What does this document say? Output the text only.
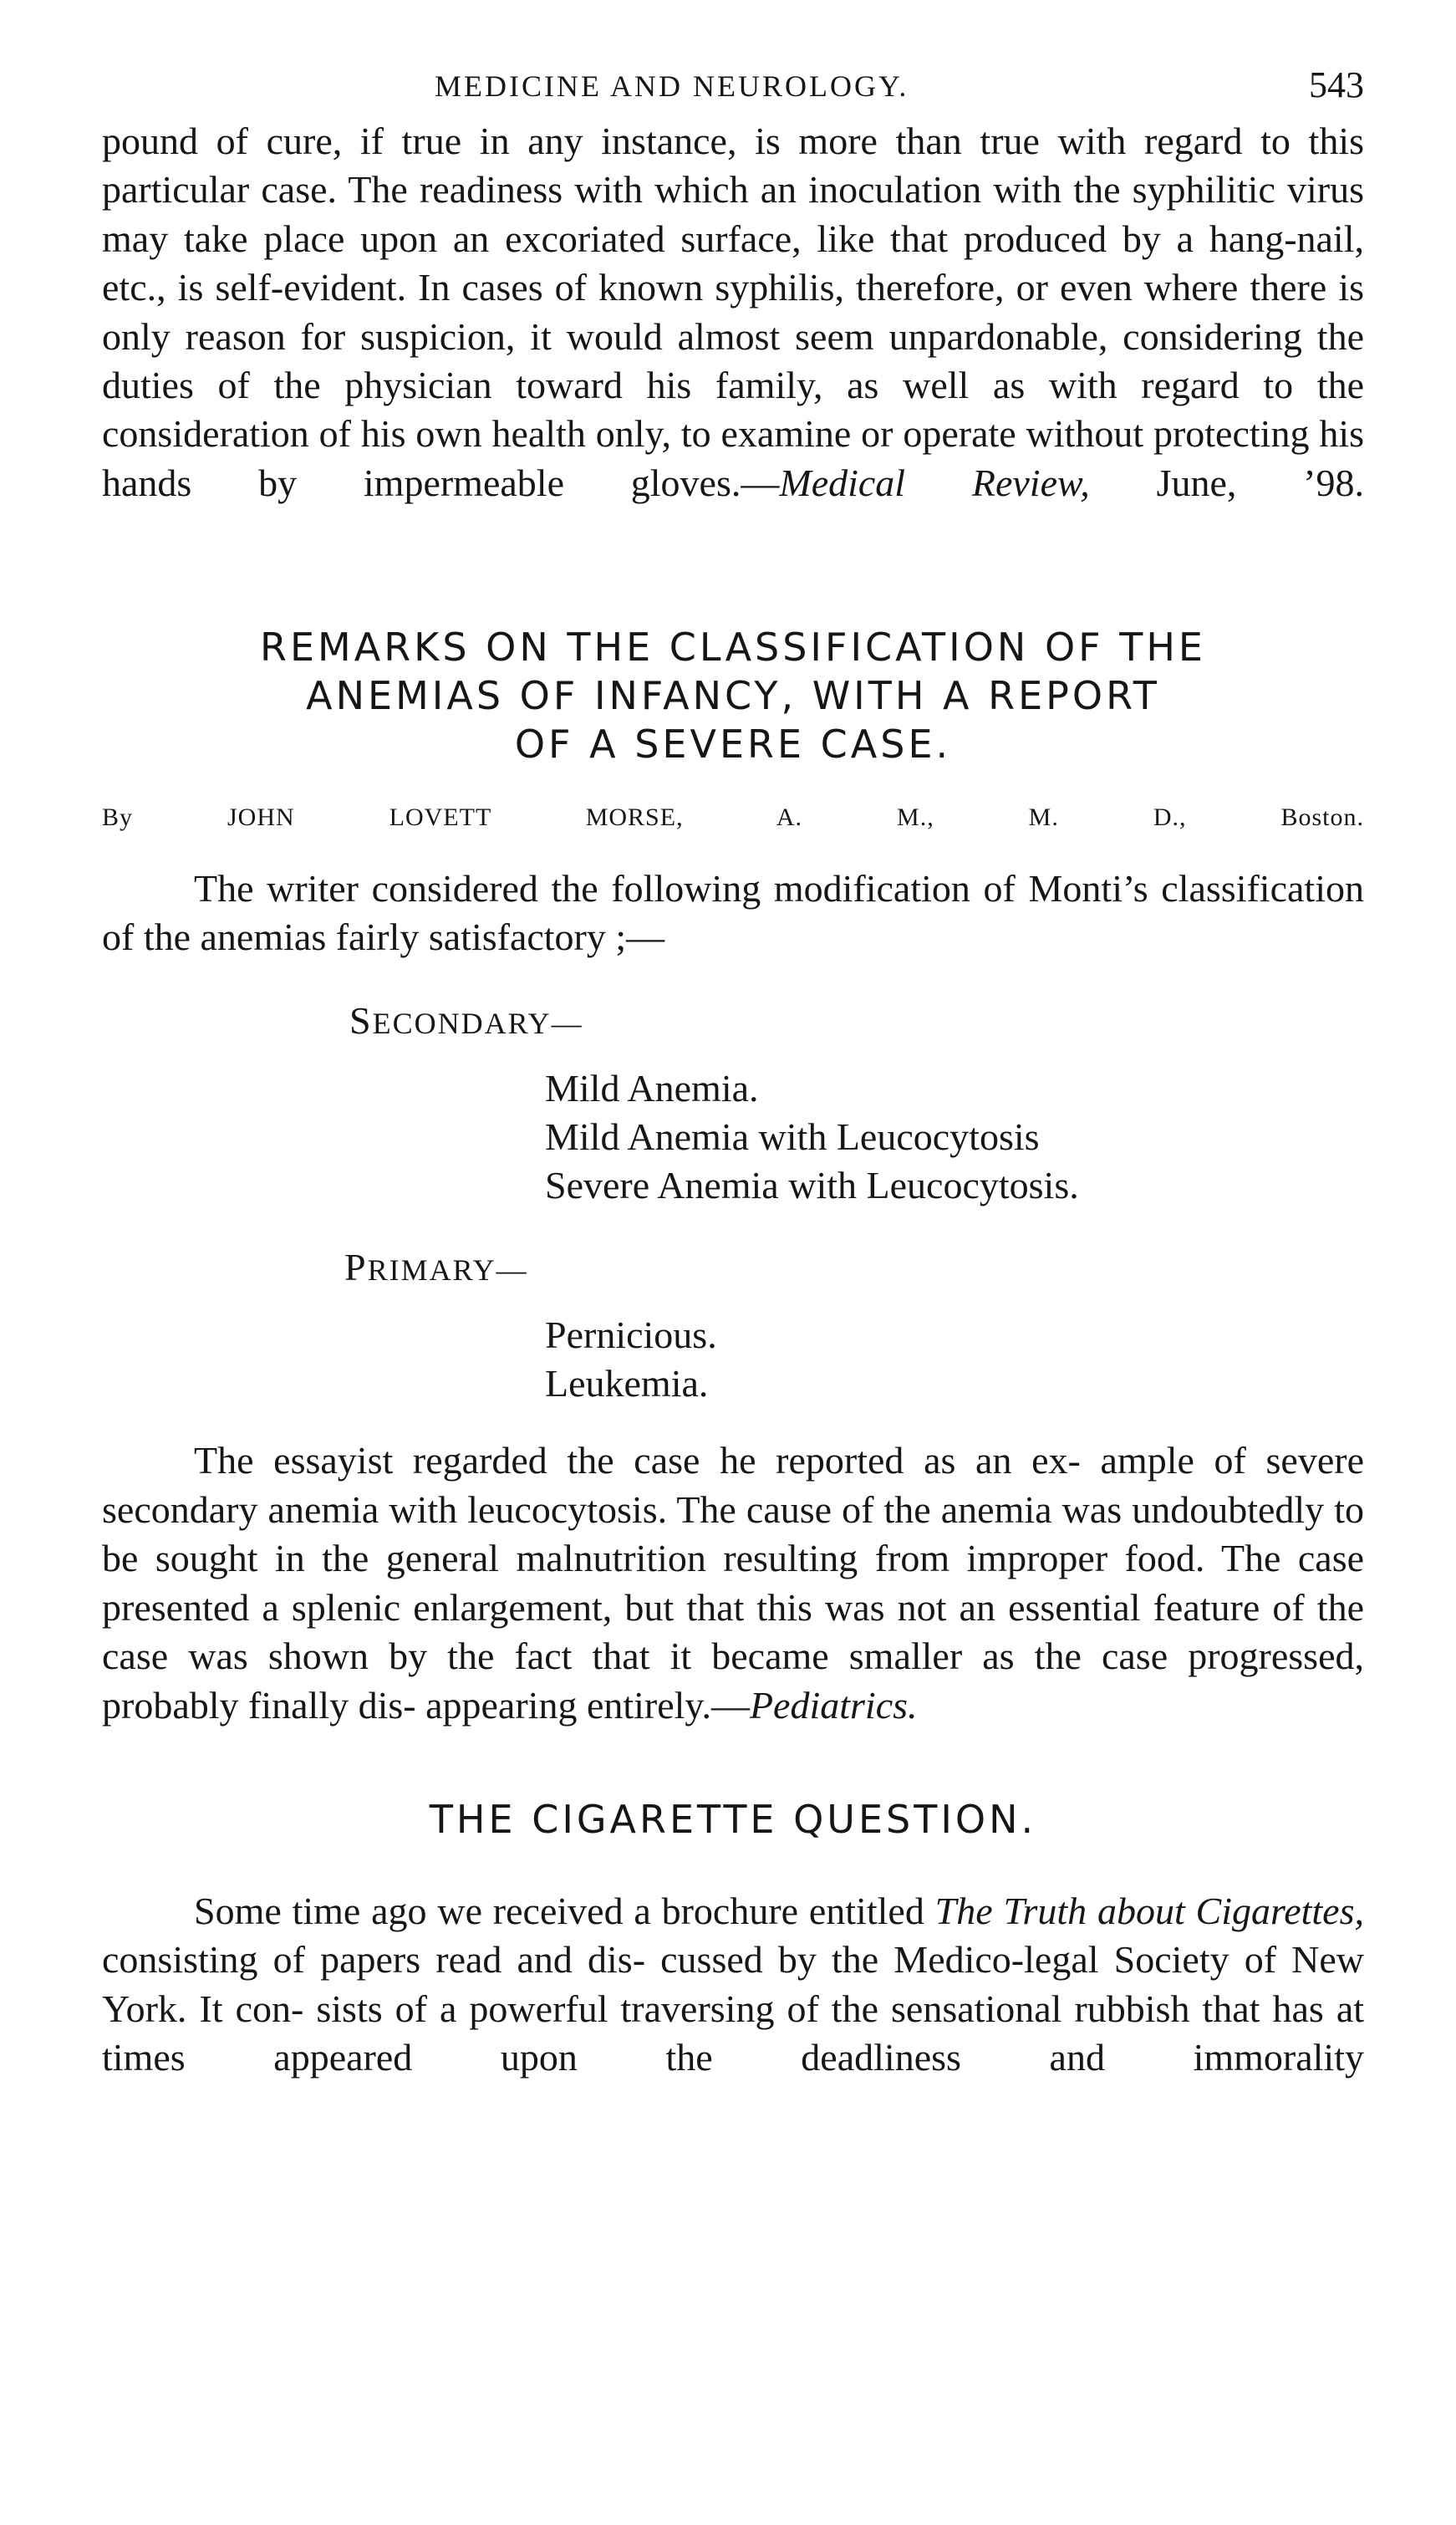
MEDICINE AND NEUROLOGY.	543

pound of cure, if true in any instance, is more than true with regard to this particular case. The readiness with which an inoculation with the syphilitic virus may take place upon an excoriated surface, like that produced by a hang-nail, etc., is self-evident. In cases of known syphilis, therefore, or even where there is only reason for suspicion, it would almost seem unpardonable, considering the duties of the physician toward his family, as well as with regard to the consideration of his own health only, to examine or operate without protecting his hands by impermeable gloves.—Medical Review, June, ’98.

REMARKS ON THE CLASSIFICATION OF THE
ANEMIAS OF INFANCY, WITH A REPORT
OF A SEVERE CASE.

By JOHN LOVETT MORSE, A. M., M. D., Boston.

The writer considered the following modification of Monti’s classification of the anemias fairly satisfactory ;—

SECONDARY—
Mild Anemia.
Mild Anemia with Leucocytosis
Severe Anemia with Leucocytosis.
PRIMARY—
Pernicious.
Leukemia.

The essayist regarded the case he reported as an ex- ample of severe secondary anemia with leucocytosis. The cause of the anemia was undoubtedly to be sought in the general malnutrition resulting from improper food. The case presented a splenic enlargement, but that this was not an essential feature of the case was shown by the fact that it became smaller as the case progressed, probably finally dis- appearing entirely.—Pediatrics.

THE CIGARETTE QUESTION.

Some time ago we received a brochure entitled The Truth about Cigarettes, consisting of papers read and dis- cussed by the Medico-legal Society of New York. It con- sists of a powerful traversing of the sensational rubbish that has at times appeared upon the deadliness and immorality
